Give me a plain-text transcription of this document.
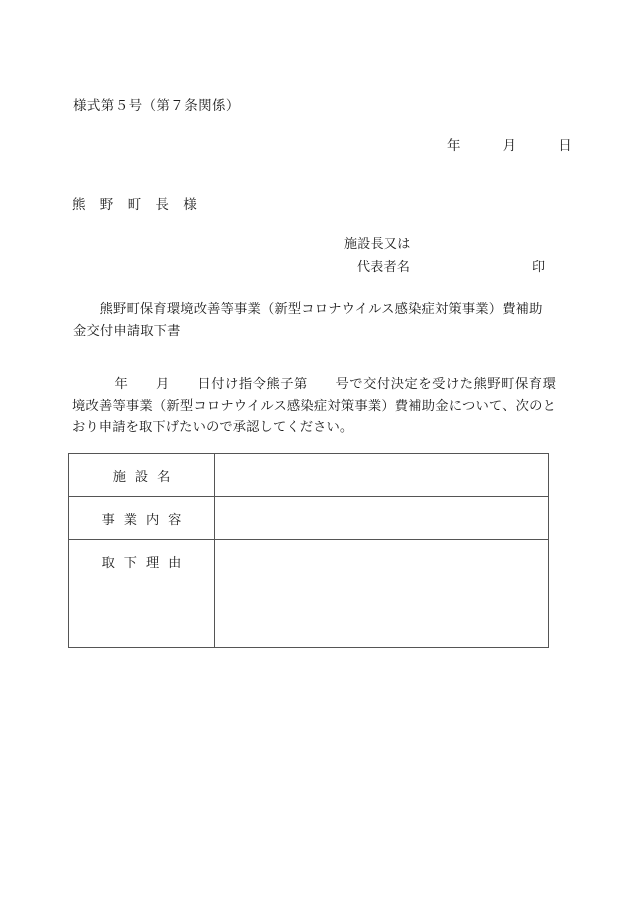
様式第５号（第７条関係）
年　　　月　　　日
熊　野　町　長　様
施設長又は
代表者名	印
熊野町保育環境改善等事業（新型コロナウイルス感染症対策事業）費補助金交付申請取下書
年　　月　　日付け指令熊子第　　号で交付決定を受けた熊野町保育環境改善等事業（新型コロナウイルス感染症対策事業）費補助金について、次のとおり申請を取下げたいので承認してください。
施設名	
事業内容	
取下理由	
